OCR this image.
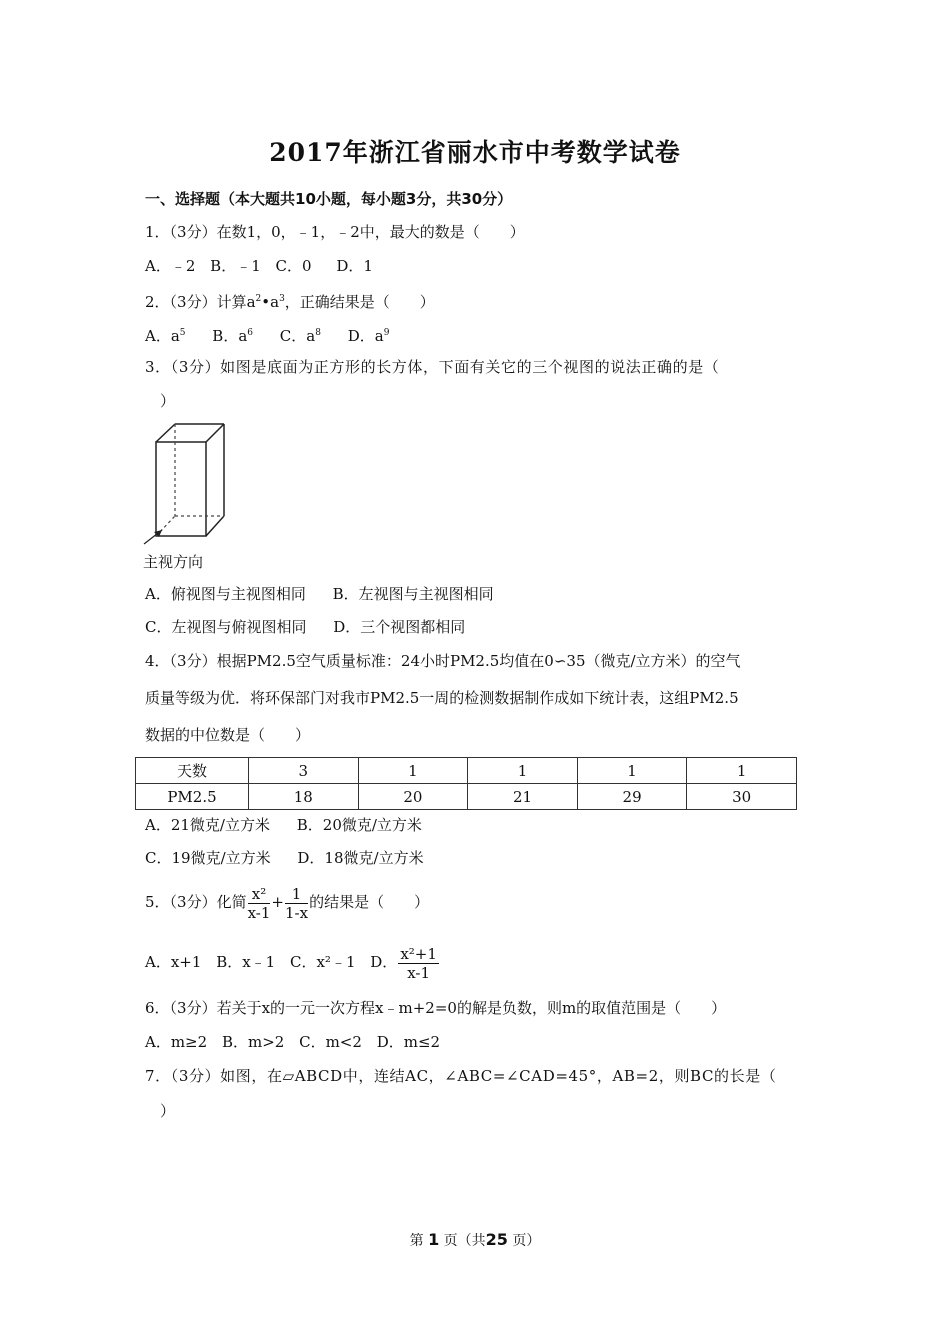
2017年浙江省丽水市中考数学试卷
一、选择题（本大题共10小题，每小题3分，共30分）
1．（3分）在数1，0，﹣1，﹣2中，最大的数是（　　）
A．﹣2 B．﹣1 C．0 D．1
2．（3分）计算$a^2•a^3$，正确结果是（　　）
A．$a^5$ B．$a^6$ C．$a^8$ D．$a^9$
3．（3分）如图是底面为正方形的长方体，下面有关它的三个视图的说法正确的是（
）
主视方向
A．俯视图与主视图相同 B．左视图与主视图相同
C．左视图与俯视图相同 D．三个视图都相同
4．（3分）根据PM2.5空气质量标准：24小时PM2.5均值在0∽35（微克/立方米）的空气
质量等级为优．将环保部门对我市PM2.5一周的检测数据制作成如下统计表，这组PM2.5
数据的中位数是（　　）
天数	3	1	1	1	1
PM2.5	18	20	21	29	30
A．21微克/立方米 B．20微克/立方米
C．19微克/立方米 D．18微克/立方米
5．（3分）化简 $\frac{\text{x²}}{x-1} + \frac{1}{1-x}$ 的结果是（　　）
A．x+1 B．x﹣1 C．x²﹣1 D． $\frac{\text{x²+1}}{x-1}$
6．（3分）若关于x的一元一次方程x﹣m+2=0的解是负数，则m的取值范围是（　　）
A．m≥2 B．m>2 C．m<2 D．m≤2
7．（3分）如图，在▱ABCD中，连结AC，∠ABC=∠CAD=45°，AB=2，则BC的长是（
）
第 1 页（共25 页）
